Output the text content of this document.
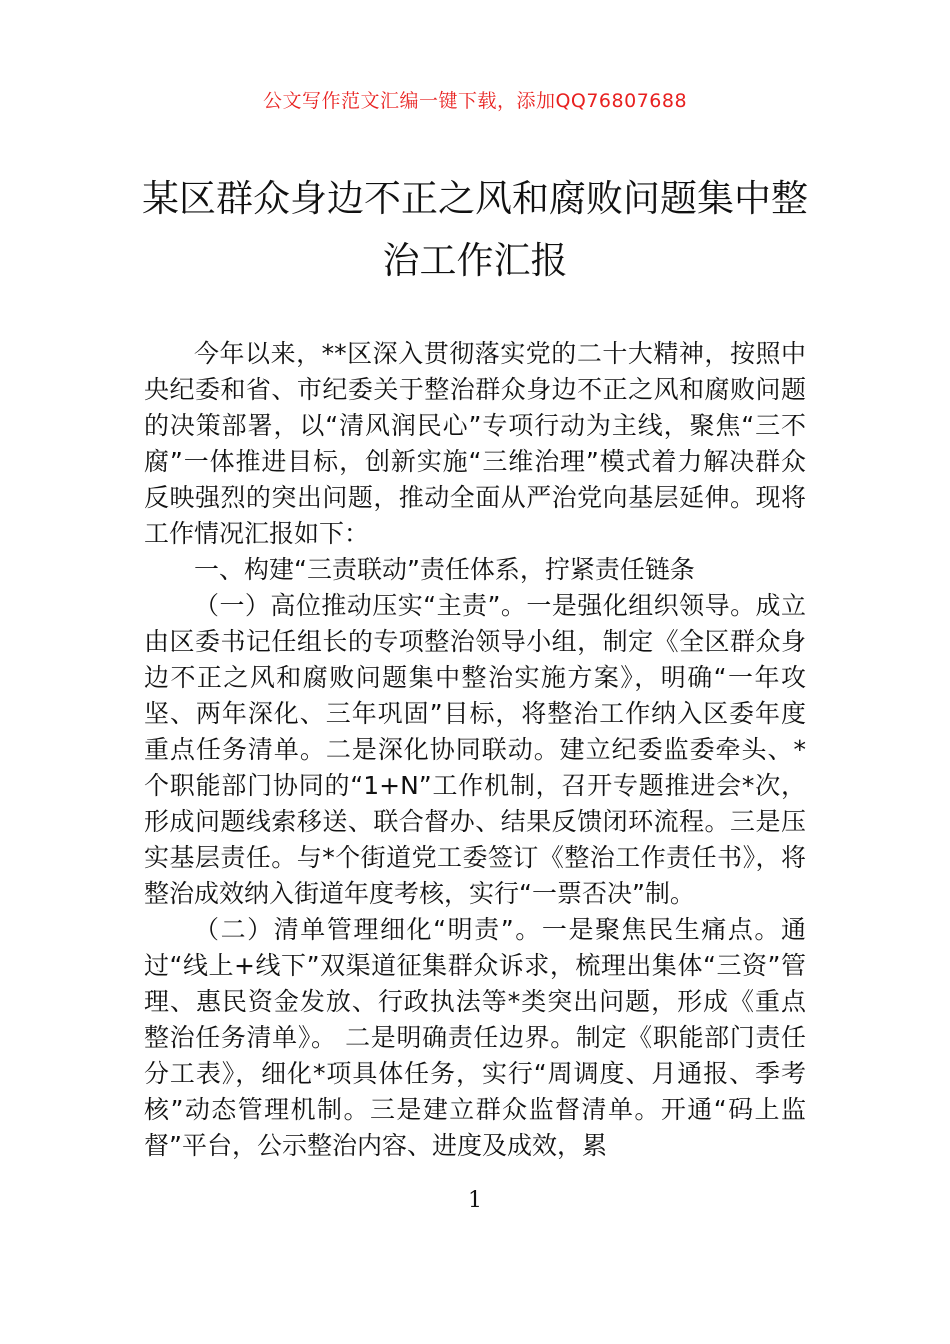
公文写作范文汇编一键下载，添加QQ76807688
某区群众身边不正之风和腐败问题集中整治工作汇报

今年以来，**区深入贯彻落实党的二十大精神，按照中央纪委和省、市纪委关于整治群众身边不正之风和腐败问题的决策部署，以“清风润民心”专项行动为主线，聚焦“三不腐”一体推进目标，创新实施“三维治理”模式着力解决群众反映强烈的突出问题，推动全面从严治党向基层延伸。现将工作情况汇报如下：

一、构建“三责联动”责任体系，拧紧责任链条

（一）高位推动压实“主责”。一是强化组织领导。成立由区委书记任组长的专项整治领导小组，制定《全区群众身边不正之风和腐败问题集中整治实施方案》，明确“一年攻坚、两年深化、三年巩固”目标，将整治工作纳入区委年度重点任务清单。二是深化协同联动。建立纪委监委牵头、*个职能部门协同的“1+N”工作机制，召开专题推进会*次，形成问题线索移送、联合督办、结果反馈闭环流程。三是压实基层责任。与*个街道党工委签订《整治工作责任书》，将整治成效纳入街道年度考核，实行“一票否决”制。

（二）清单管理细化“明责”。一是聚焦民生痛点。通过“线上+线下”双渠道征集群众诉求，梳理出集体“三资”管理、惠民资金发放、行政执法等*类突出问题，形成《重点整治任务清单》。 二是明确责任边界。制定《职能部门责任分工表》，细化*项具体任务，实行“周调度、月通报、季考核”动态管理机制。三是建立群众监督清单。开通“码上监督”平台，公示整治内容、进度及成效，累

1
